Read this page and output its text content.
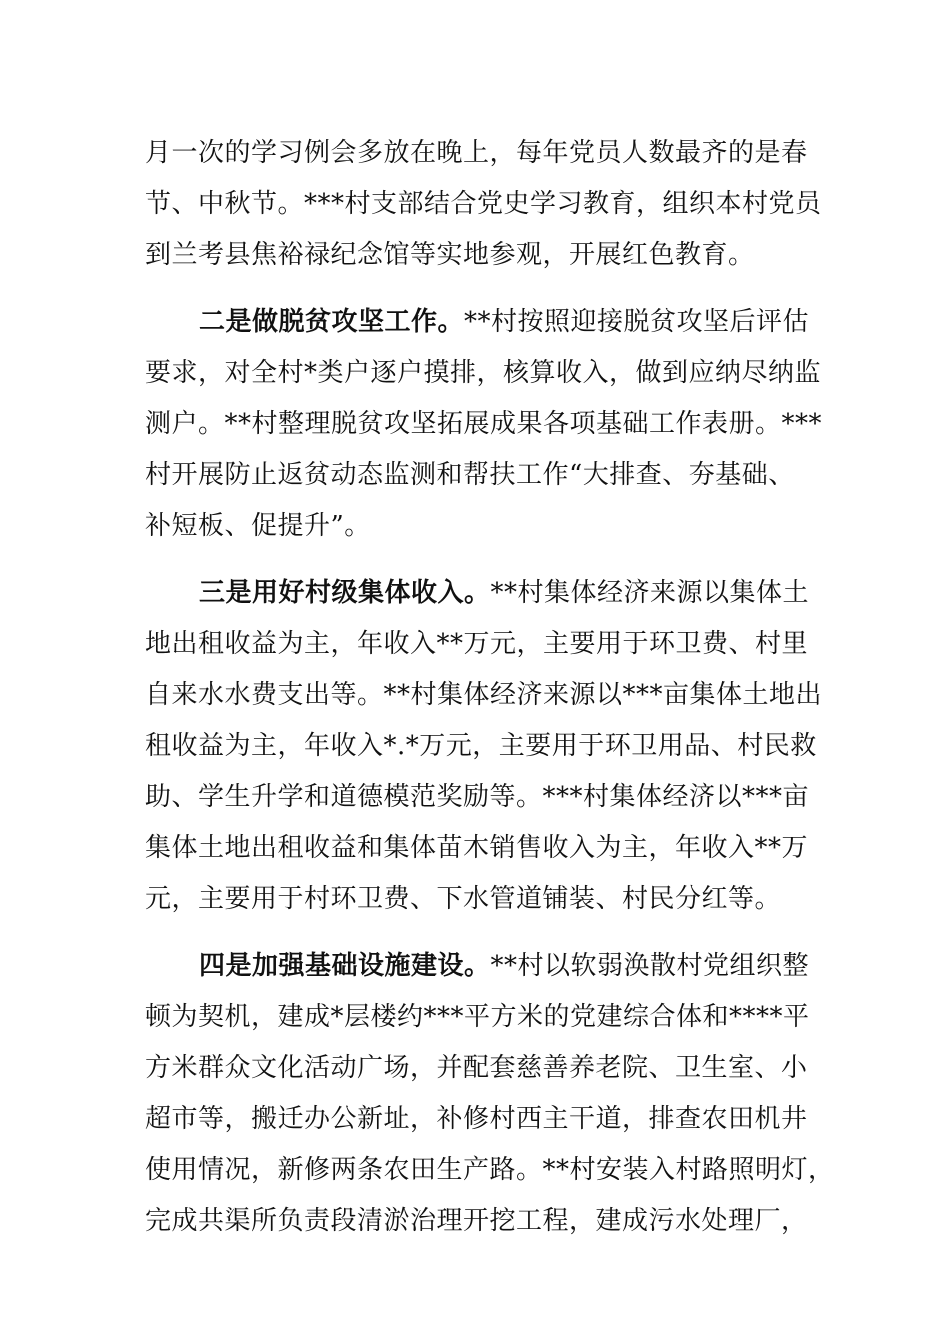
月一次的学习例会多放在晚上，每年党员人数最齐的是春
节、中秋节。***村支部结合党史学习教育，组织本村党员
到兰考县焦裕禄纪念馆等实地参观，开展红色教育。
二是做脱贫攻坚工作。**村按照迎接脱贫攻坚后评估
要求，对全村*类户逐户摸排，核算收入，做到应纳尽纳监
测户。**村整理脱贫攻坚拓展成果各项基础工作表册。***
村开展防止返贫动态监测和帮扶工作“大排查、夯基础、
补短板、促提升”。
三是用好村级集体收入。**村集体经济来源以集体土
地出租收益为主，年收入**万元，主要用于环卫费、村里
自来水水费支出等。**村集体经济来源以***亩集体土地出
租收益为主，年收入*.*万元，主要用于环卫用品、村民救
助、学生升学和道德模范奖励等。***村集体经济以***亩
集体土地出租收益和集体苗木销售收入为主，年收入**万
元，主要用于村环卫费、下水管道铺装、村民分红等。
四是加强基础设施建设。**村以软弱涣散村党组织整
顿为契机，建成*层楼约***平方米的党建综合体和****平
方米群众文化活动广场，并配套慈善养老院、卫生室、小
超市等，搬迁办公新址，补修村西主干道，排查农田机井
使用情况，新修两条农田生产路。**村安装入村路照明灯，
完成共渠所负责段清淤治理开挖工程，建成污水处理厂，
